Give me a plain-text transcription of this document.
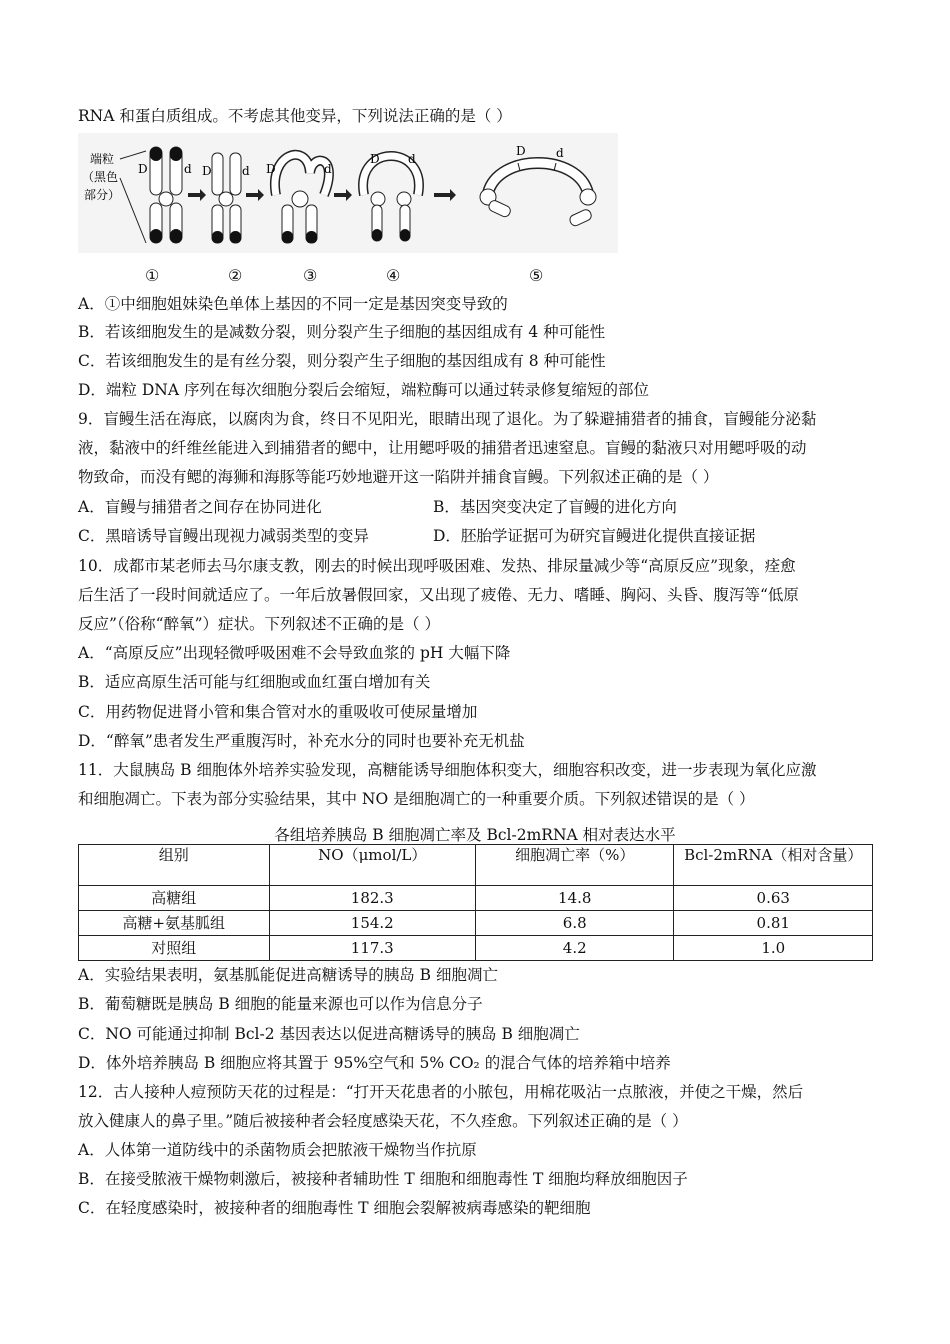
RNA 和蛋白质组成。不考虑其他变异，下列说法正确的是（ ）
端粒
（黑色
部分）
D	d D	d D	d
D d
D	d
①	②	③	④	⑤
A．①中细胞姐妹染色单体上基因的不同一定是基因突变导致的
B．若该细胞发生的是减数分裂，则分裂产生子细胞的基因组成有 4 种可能性
C．若该细胞发生的是有丝分裂，则分裂产生子细胞的基因组成有 8 种可能性
D．端粒 DNA 序列在每次细胞分裂后会缩短，端粒酶可以通过转录修复缩短的部位
9．盲鳗生活在海底，以腐肉为食，终日不见阳光，眼睛出现了退化。为了躲避捕猎者的捕食，盲鳗能分泌黏
液，黏液中的纤维丝能进入到捕猎者的鳃中，让用鳃呼吸的捕猎者迅速窒息。盲鳗的黏液只对用鳃呼吸的动
物致命，而没有鳃的海狮和海豚等能巧妙地避开这一陷阱并捕食盲鳗。下列叙述正确的是（ ）
A．盲鳗与捕猎者之间存在协同进化	B．基因突变决定了盲鳗的进化方向
C．黑暗诱导盲鳗出现视力减弱类型的变异	D．胚胎学证据可为研究盲鳗进化提供直接证据
10．成都市某老师去马尔康支教，刚去的时候出现呼吸困难、发热、排尿量减少等“高原反应”现象，痊愈
后生活了一段时间就适应了。一年后放暑假回家，又出现了疲倦、无力、嗜睡、胸闷、头昏、腹泻等“低原
反应”（俗称“醉氧”）症状。下列叙述不正确的是（ ）
A．“高原反应”出现轻微呼吸困难不会导致血浆的 pH 大幅下降
B．适应高原生活可能与红细胞或血红蛋白增加有关
C．用药物促进肾小管和集合管对水的重吸收可使尿量增加
D．“醉氧”患者发生严重腹泻时，补充水分的同时也要补充无机盐
11．大鼠胰岛 B 细胞体外培养实验发现，高糖能诱导细胞体积变大，细胞容积改变，进一步表现为氧化应激
和细胞凋亡。下表为部分实验结果，其中 NO 是细胞凋亡的一种重要介质。下列叙述错误的是（ ）
各组培养胰岛 B 细胞凋亡率及 Bcl-2mRNA 相对表达水平
组别	NO（μmol/L）	细胞凋亡率（%）	Bcl-2mRNA（相对含量）
高糖组	182.3	14.8	0.63
高糖+氨基胍组	154.2	6.8	0.81
对照组	117.3	4.2	1.0
A．实验结果表明，氨基胍能促进高糖诱导的胰岛 B 细胞凋亡
B．葡萄糖既是胰岛 B 细胞的能量来源也可以作为信息分子
C．NO 可能通过抑制 Bcl-2 基因表达以促进高糖诱导的胰岛 B 细胞凋亡
D．体外培养胰岛 B 细胞应将其置于 95%空气和 5% CO₂ 的混合气体的培养箱中培养
12．古人接种人痘预防天花的过程是：“打开天花患者的小脓包，用棉花吸沾一点脓液，并使之干燥，然后
放入健康人的鼻子里。”随后被接种者会轻度感染天花，不久痊愈。下列叙述正确的是（ ）
A．人体第一道防线中的杀菌物质会把脓液干燥物当作抗原
B．在接受脓液干燥物刺激后，被接种者辅助性 T 细胞和细胞毒性 T 细胞均释放细胞因子
C．在轻度感染时，被接种者的细胞毒性 T 细胞会裂解被病毒感染的靶细胞
